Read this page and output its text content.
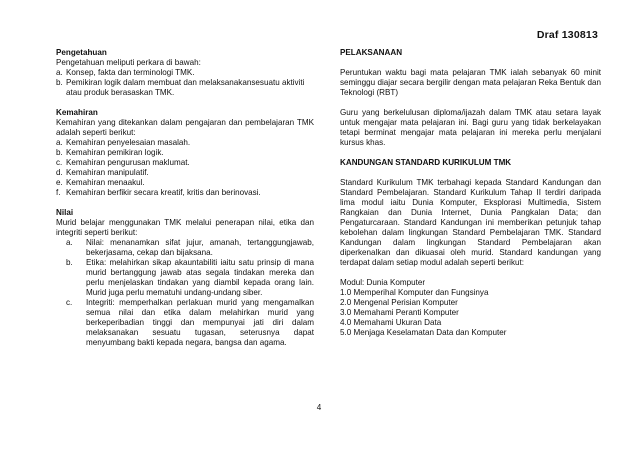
Draf 130813
Pengetahuan

Pengetahuan meliputi perkara di bawah:

a. Konsep, fakta dan terminologi TMK.
b. Pemikiran logik dalam membuat dan melaksanakansesuatu aktiviti atau produk berasaskan TMK.
Kemahiran

Kemahiran yang ditekankan dalam pengajaran dan pembelajaran TMK adalah seperti berikut:

a. Kemahiran penyelesaian masalah.
b. Kemahiran pemikiran logik.
c. Kemahiran pengurusan maklumat.
d. Kemahiran manipulatif.
e. Kemahiran menaakul.
f. Kemahiran berfikir secara kreatif, kritis dan berinovasi.
Nilai

Murid belajar menggunakan TMK melalui penerapan nilai, etika dan integriti seperti berikut:

a.	Nilai: menanamkan sifat jujur, amanah, tertanggungjawab, bekerjasama, cekap dan bijaksana.
b.	Etika: melahirkan sikap akauntabiliti iaitu satu prinsip di mana murid bertanggung jawab atas segala tindakan mereka dan perlu menjelaskan tindakan yang diambil kepada orang lain. Murid juga perlu mematuhi undang-undang siber.
c.	Integriti: memperhalkan perlakuan murid yang mengamalkan semua nilai dan etika dalam melahirkan murid yang berkeperibadian tinggi dan mempunyai jati diri dalam melaksanakan sesuatu tugasan, seterusnya dapat menyumbang bakti kepada negara, bangsa dan agama.
PELAKSANAAN

Peruntukan waktu bagi mata pelajaran TMK ialah sebanyak 60 minit seminggu diajar secara bergilir dengan mata pelajaran Reka Bentuk dan Teknologi (RBT)

Guru yang berkelulusan diploma/ijazah dalam TMK atau setara layak untuk mengajar mata pelajaran ini. Bagi guru yang tidak berkelayakan tetapi berminat mengajar mata pelajaran ini mereka perlu menjalani kursus khas.

KANDUNGAN STANDARD KURIKULUM TMK

Standard Kurikulum TMK terbahagi kepada Standard Kandungan dan Standard Pembelajaran. Standard Kurikulum Tahap II terdiri daripada lima modul iaitu Dunia Komputer, Eksplorasi Multimedia, Sistem Rangkaian dan Dunia Internet, Dunia Pangkalan Data; dan Pengaturcaraan. Standard Kandungan ini memberikan petunjuk tahap kebolehan dalam lingkungan Standard Pembelajaran TMK. Standard Kandungan dalam lingkungan Standard Pembelajaran akan diperkenalkan dan dikuasai oleh murid. Standard kandungan yang terdapat dalam setiap modul adalah seperti berikut:

Modul: Dunia Komputer
1.0 Memperihal Komputer dan Fungsinya
2.0 Mengenal Perisian Komputer
3.0 Memahami Peranti Komputer
4.0 Memahami Ukuran Data
5.0 Menjaga Keselamatan Data dan Komputer
4
